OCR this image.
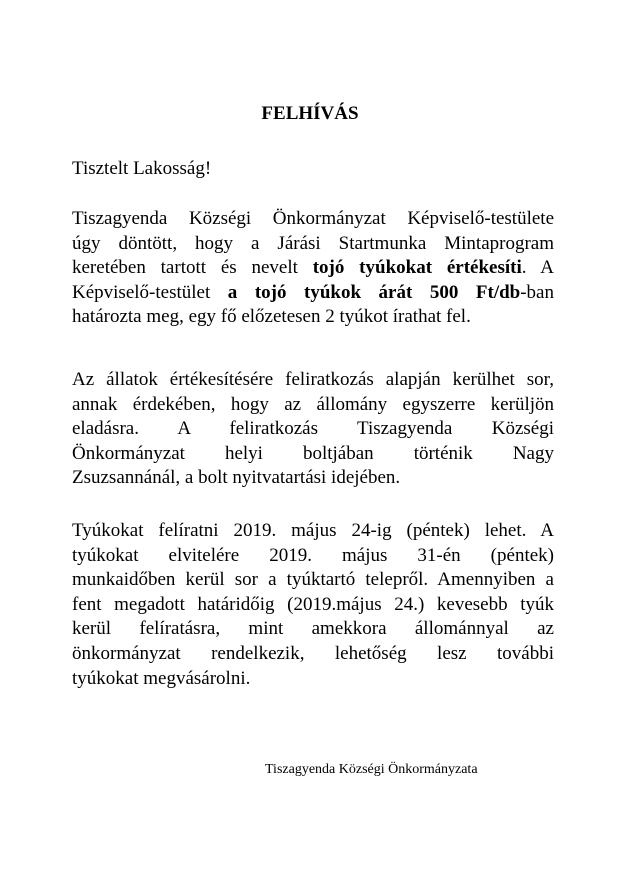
FELHÍVÁS
Tisztelt Lakosság!
Tiszagyenda Községi Önkormányzat Képviselő-testülete
úgy döntött, hogy a Járási Startmunka Mintaprogram
keretében tartott és nevelt tojó tyúkokat értékesíti. A
Képviselő-testület a tojó tyúkok árát 500 Ft/db-ban
határozta meg, egy fő előzetesen 2 tyúkot írathat fel.
Az állatok értékesítésére feliratkozás alapján kerülhet sor,
annak érdekében, hogy az állomány egyszerre kerüljön
eladásra. A feliratkozás Tiszagyenda Községi
Önkormányzat helyi boltjában történik Nagy
Zsuzsannánál, a bolt nyitvatartási idejében.
Tyúkokat felíratni 2019. május 24-ig (péntek) lehet. A
tyúkokat elvitelére 2019. május 31-én (péntek)
munkaidőben kerül sor a tyúktartó telepről. Amennyiben a
fent megadott határidőig (2019.május 24.) kevesebb tyúk
kerül felíratásra, mint amekkora állománnyal az
önkormányzat rendelkezik, lehetőség lesz további
tyúkokat megvásárolni.
Tiszagyenda Községi Önkormányzata
